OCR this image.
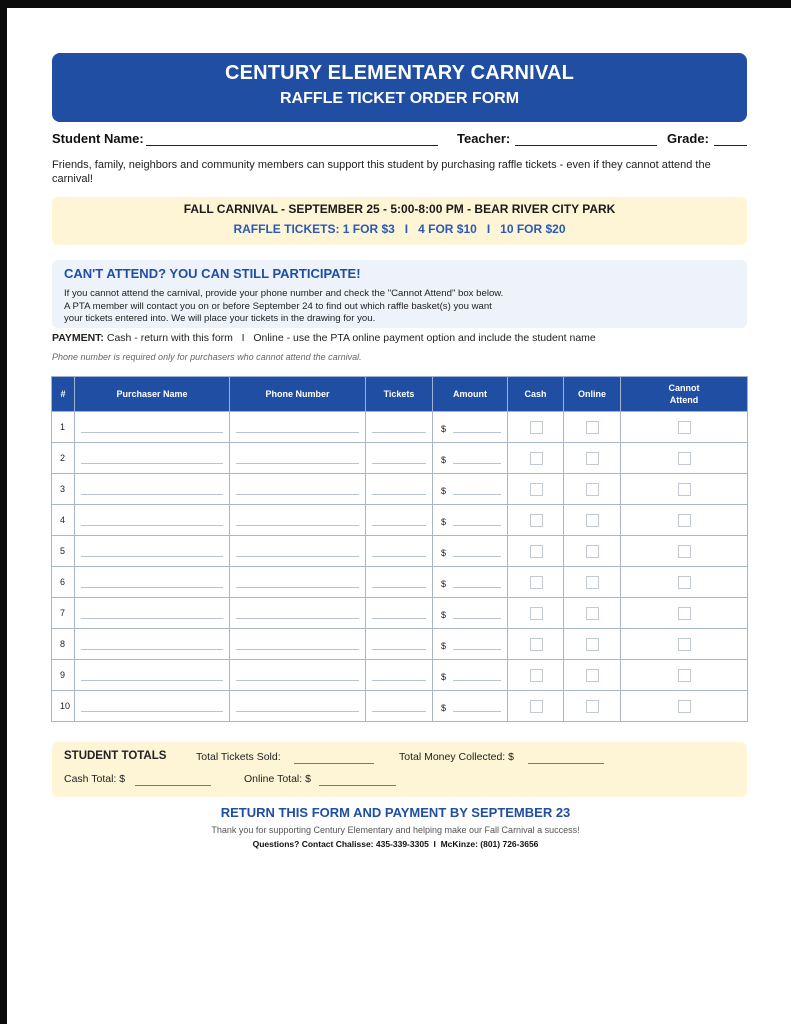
CENTURY ELEMENTARY CARNIVAL
RAFFLE TICKET ORDER FORM
Student Name:	Teacher:	Grade:
Friends, family, neighbors and community members can support this student by purchasing raffle tickets - even if they cannot attend the carnival!
FALL CARNIVAL - SEPTEMBER 25 - 5:00-8:00 PM - BEAR RIVER CITY PARK
RAFFLE TICKETS: 1 FOR $3   I   4 FOR $10   I   10 FOR $20
CAN'T ATTEND? YOU CAN STILL PARTICIPATE!
If you cannot attend the carnival, provide your phone number and check the "Cannot Attend" box below.
A PTA member will contact you on or before September 24 to find out which raffle basket(s) you want
your tickets entered into. We will place your tickets in the drawing for you.
PAYMENT: Cash - return with this form   I   Online - use the PTA online payment option and include the student name
Phone number is required only for purchasers who cannot attend the carnival.
#	Purchaser Name	Phone Number	Tickets	Amount	Cash	Online	Cannot
Attend

1				$			

2				$			

3				$			

4				$			

5				$			

6				$			

7				$			

8				$			

9				$			

10				$			

STUDENT TOTALS	Total Tickets Sold:	Total Money Collected: $
Cash Total: $	Online Total: $
RETURN THIS FORM AND PAYMENT BY SEPTEMBER 23
Thank you for supporting Century Elementary and helping make our Fall Carnival a success!
Questions? Contact Chalisse: 435-339-3305  I  McKinze: (801) 726-3656
